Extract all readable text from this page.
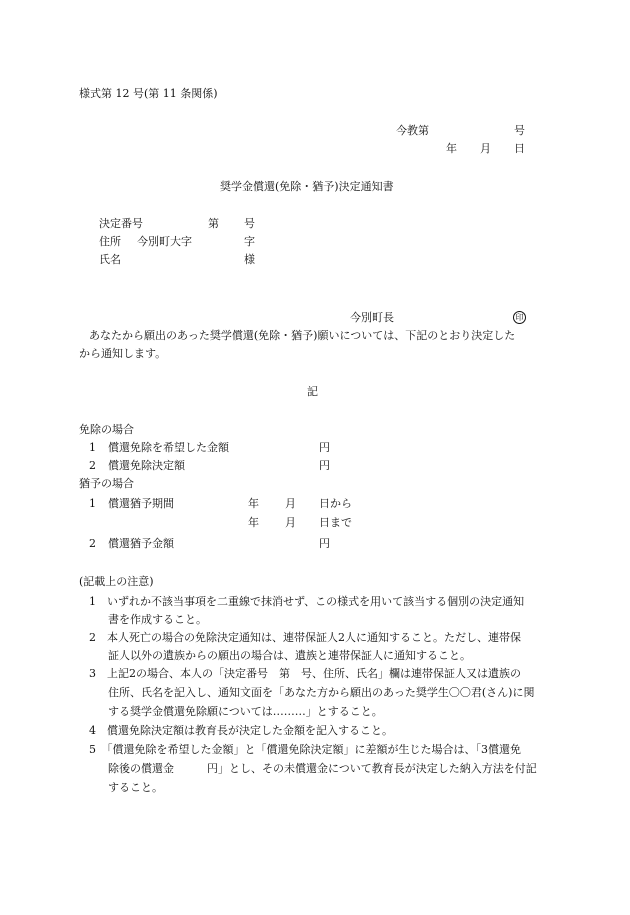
様式第 12 号(第 11 条関係)
今教第	号
年 月 日
奨学金償還(免除・猶予)決定通知書
決定番号	第 号
住所 今別町大字	字
氏名	様
今別町長	印
あなたから願出のあった奨学償還(免除・猶予)願いについては、下記のとおり決定した
から通知します。
記
免除の場合
1 償還免除を希望した金額	円
2 償還免除決定額	円
猶予の場合
1 償還猶予期間	年 月 日から
年 月 日まで
2 償還猶予金額	円
(記載上の注意)
1　いずれか不該当事項を二重線で抹消せず、この様式を用いて該当する個別の決定通知
書を作成すること。
2　本人死亡の場合の免除決定通知は、連帯保証人2人に通知すること。ただし、連帯保
証人以外の遺族からの願出の場合は、遺族と連帯保証人に通知すること。
3　上記2の場合、本人の「決定番号　第　号、住所、氏名」欄は連帯保証人又は遺族の
住所、氏名を記入し、通知文面を「あなた方から願出のあった奨学生〇〇君(さん)に関
する奨学金償還免除願については………」とすること。
4　償還免除決定額は教育長が決定した金額を記入すること。
5　「償還免除を希望した金額」と「償還免除決定額」に差額が生じた場合は、「3償還免
除後の償還金　　　円」とし、その未償還金について教育長が決定した納入方法を付記
すること。
